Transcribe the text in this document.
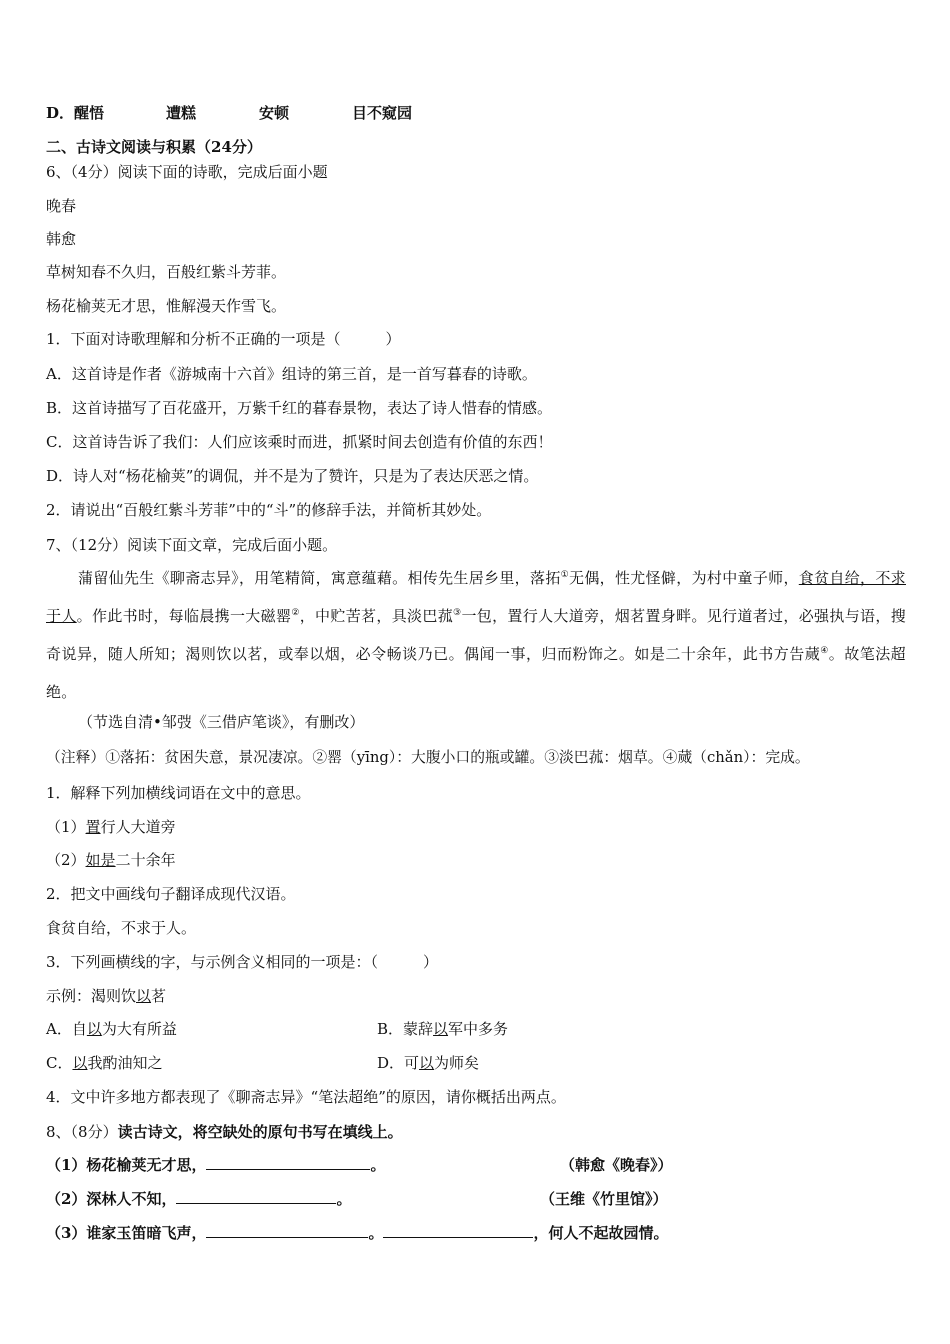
D．醒悟	遭糕	安顿	目不窥园
二、古诗文阅读与积累（24分）
6、（4分）阅读下面的诗歌，完成后面小题
晚春
韩愈
草树知春不久归，百般红紫斗芳菲。
杨花榆荚无才思，惟解漫天作雪飞。
1．下面对诗歌理解和分析不正确的一项是（　　　）
A．这首诗是作者《游城南十六首》组诗的第三首，是一首写暮春的诗歌。
B．这首诗描写了百花盛开，万紫千红的暮春景物，表达了诗人惜春的情感。
C．这首诗告诉了我们：人们应该乘时而进，抓紧时间去创造有价值的东西！
D．诗人对“杨花榆荚”的调侃，并不是为了赞许，只是为了表达厌恶之情。
2．请说出“百般红紫斗芳菲”中的“斗”的修辞手法，并简析其妙处。
7、（12分）阅读下面文章，完成后面小题。
蒲留仙先生《聊斋志异》，用笔精简，寓意蕴藉。相传先生居乡里，落拓①无偶，性尤怪僻，为村中童子师，食贫自给，不求于人。作此书时，每临晨携一大磁罂②，中贮苦茗，具淡巴菰③一包，置行人大道旁，烟茗置身畔。见行道者过，必强执与语，搜奇说异，随人所知；渴则饮以茗，或奉以烟，必令畅谈乃已。偶闻一事，归而粉饰之。如是二十余年，此书方告蒇④。故笔法超绝。
（节选自清•邹弢《三借庐笔谈》，有删改）
（注释）①落拓：贫困失意，景况凄凉。②罂（yīng）：大腹小口的瓶或罐。③淡巴菰：烟草。④蒇（chǎn）：完成。
1．解释下列加横线词语在文中的意思。
（1）置行人大道旁
（2）如是二十余年
2．把文中画线句子翻译成现代汉语。
食贫自给，不求于人。
3．下列画横线的字，与示例含义相同的一项是：（　　　）
示例：渴则饮以茗
A．自以为大有所益	B．蒙辞以军中多务
C．以我酌油知之	D．可以为师矣
4．文中许多地方都表现了《聊斋志异》“笔法超绝”的原因，请你概括出两点。
8、（8分）读古诗文，将空缺处的原句书写在填线上。
（1）杨花榆荚无才思，	。	（韩愈《晚春》）
（2）深林人不知，	。	（王维《竹里馆》）
（3）谁家玉笛暗飞声，	。	，何人不起故园情。
